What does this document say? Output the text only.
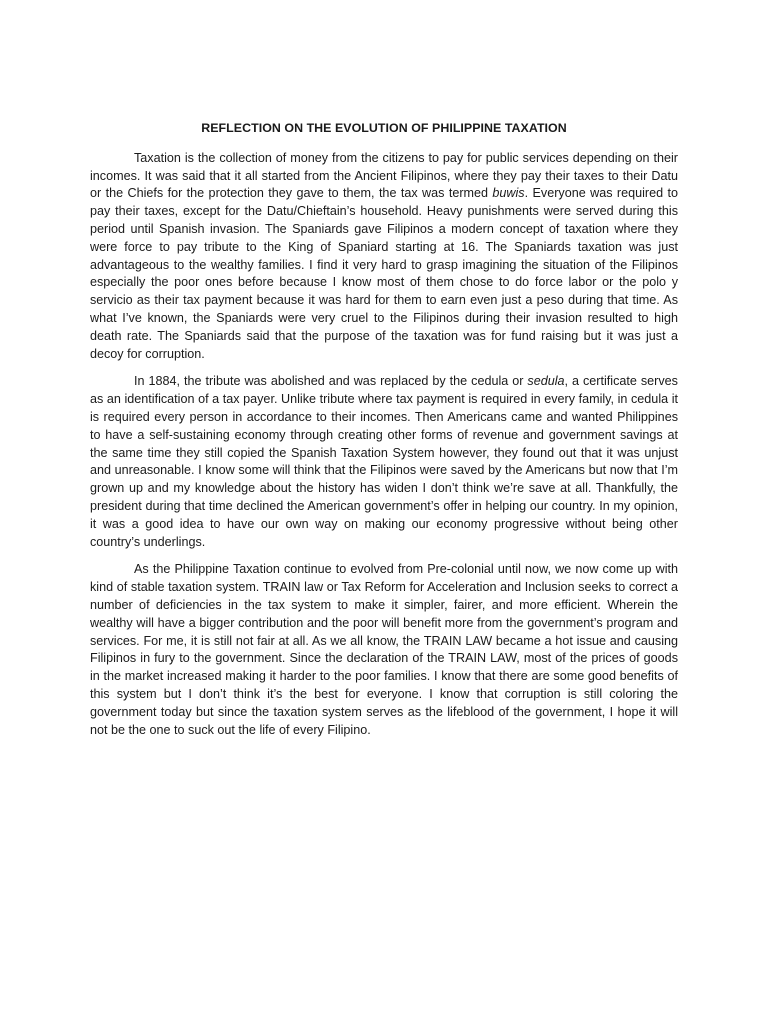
REFLECTION ON THE EVOLUTION OF PHILIPPINE TAXATION

Taxation is the collection of money from the citizens to pay for public services depending on their incomes. It was said that it all started from the Ancient Filipinos, where they pay their taxes to their Datu or the Chiefs for the protection they gave to them, the tax was termed buwis. Everyone was required to pay their taxes, except for the Datu/Chieftain’s household. Heavy punishments were served during this period until Spanish invasion. The Spaniards gave Filipinos a modern concept of taxation where they were force to pay tribute to the King of Spaniard starting at 16. The Spaniards taxation was just advantageous to the wealthy families. I find it very hard to grasp imagining the situation of the Filipinos especially the poor ones before because I know most of them chose to do force labor or the polo y servicio as their tax payment because it was hard for them to earn even just a peso during that time. As what I’ve known, the Spaniards were very cruel to the Filipinos during their invasion resulted to high death rate. The Spaniards said that the purpose of the taxation was for fund raising but it was just a decoy for corruption.

In 1884, the tribute was abolished and was replaced by the cedula or sedula, a certificate serves as an identification of a tax payer. Unlike tribute where tax payment is required in every family, in cedula it is required every person in accordance to their incomes. Then Americans came and wanted Philippines to have a self-sustaining economy through creating other forms of revenue and government savings at the same time they still copied the Spanish Taxation System however, they found out that it was unjust and unreasonable. I know some will think that the Filipinos were saved by the Americans but now that I’m grown up and my knowledge about the history has widen I don’t think we’re save at all. Thankfully, the president during that time declined the American government’s offer in helping our country. In my opinion, it was a good idea to have our own way on making our economy progressive without being other country’s underlings.

As the Philippine Taxation continue to evolved from Pre-colonial until now, we now come up with kind of stable taxation system. TRAIN law or Tax Reform for Acceleration and Inclusion seeks to correct a number of deficiencies in the tax system to make it simpler, fairer, and more efficient. Wherein the wealthy will have a bigger contribution and the poor will benefit more from the government’s program and services. For me, it is still not fair at all. As we all know, the TRAIN LAW became a hot issue and causing Filipinos in fury to the government. Since the declaration of the TRAIN LAW, most of the prices of goods in the market increased making it harder to the poor families. I know that there are some good benefits of this system but I don’t think it’s the best for everyone. I know that corruption is still coloring the government today but since the taxation system serves as the lifeblood of the government, I hope it will not be the one to suck out the life of every Filipino.
